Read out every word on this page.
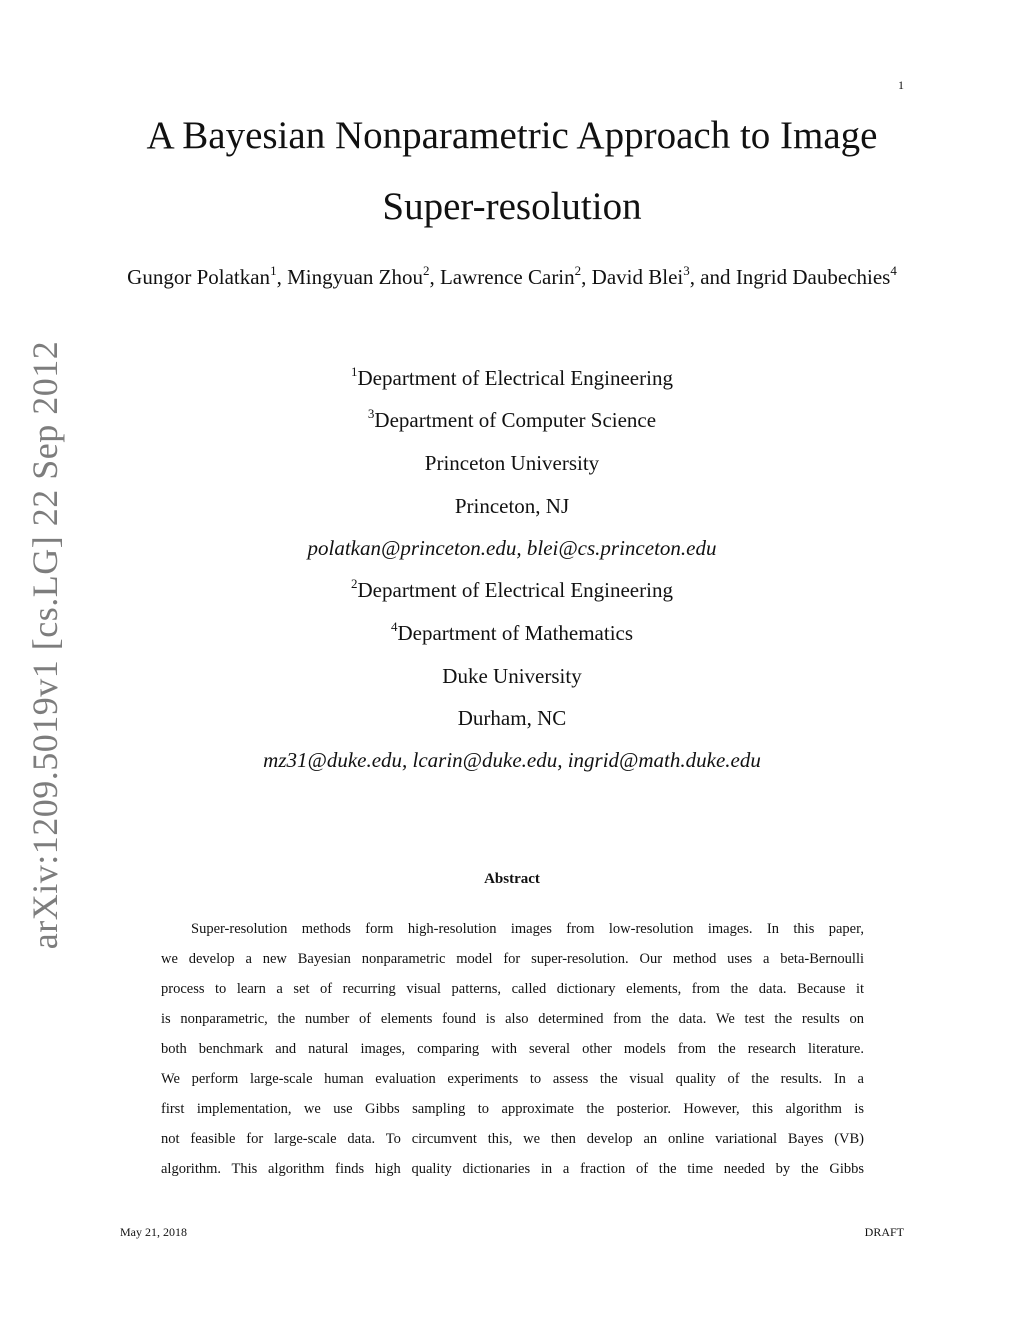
1
arXiv:1209.5019v1 [cs.LG] 22 Sep 2012
A Bayesian Nonparametric Approach to Image
Super-resolution
Gungor Polatkan$^1$, Mingyuan Zhou$^2$, Lawrence Carin$^2$, David Blei$^3$, and Ingrid Daubechies$^4$
$^1$Department of Electrical Engineering
$^3$Department of Computer Science
Princeton University
Princeton, NJ
polatkan@princeton.edu, blei@cs.princeton.edu
$^2$Department of Electrical Engineering
$^4$Department of Mathematics
Duke University
Durham, NC
mz31@duke.edu, lcarin@duke.edu, ingrid@math.duke.edu
Abstract
Super-resolution methods form high-resolution images from low-resolution images. In this paper,
we develop a new Bayesian nonparametric model for super-resolution. Our method uses a beta-Bernoulli
process to learn a set of recurring visual patterns, called dictionary elements, from the data. Because it
is nonparametric, the number of elements found is also determined from the data. We test the results on
both benchmark and natural images, comparing with several other models from the research literature.
We perform large-scale human evaluation experiments to assess the visual quality of the results. In a
first implementation, we use Gibbs sampling to approximate the posterior. However, this algorithm is
not feasible for large-scale data. To circumvent this, we then develop an online variational Bayes (VB)
algorithm. This algorithm finds high quality dictionaries in a fraction of the time needed by the Gibbs
May 21, 2018	DRAFT
